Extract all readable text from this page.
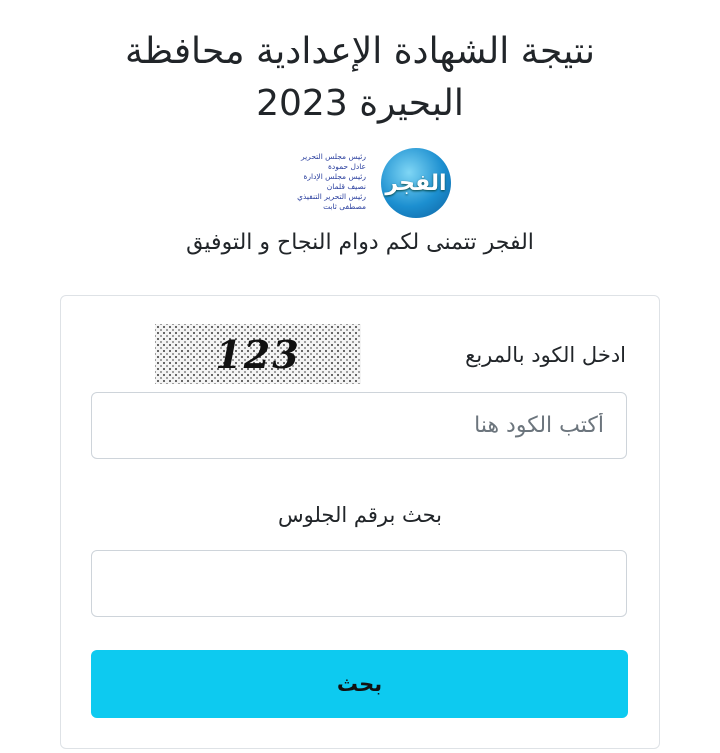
نتيجة الشهادة الإعدادية محافظة البحيرة 2023
الفجر
رئيس مجلس التحرير
عادل حمودة
رئيس مجلس الإدارة
نصيف قلمان
رئيس التحرير التنفيذي
مصطفى ثابت
الفجر تتمنى لكم دوام النجاح و التوفيق
ادخل الكود بالمربع
123
أكتب الكود هنا
بحث برقم الجلوس
بحث
